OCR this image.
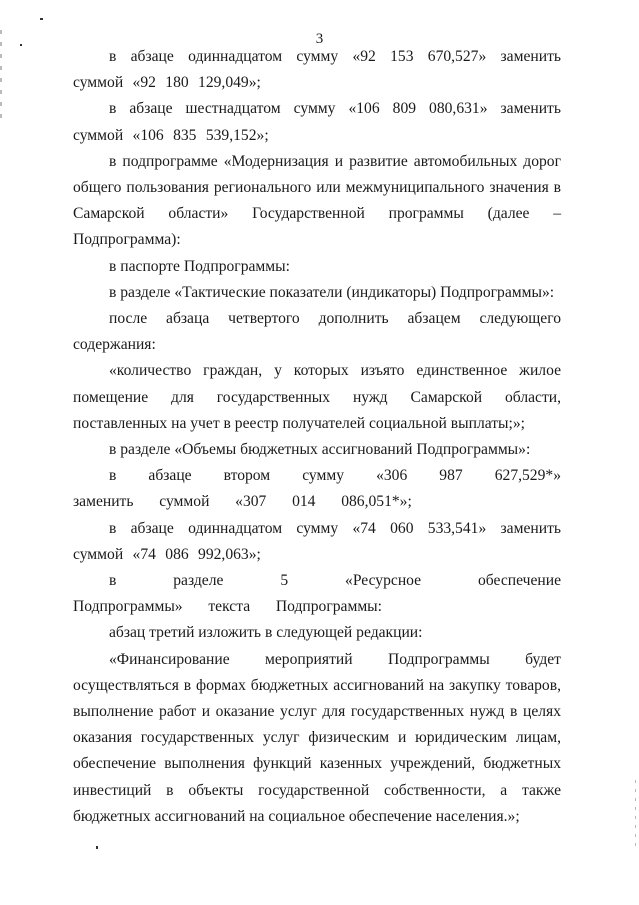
3

в абзаце одиннадцатом сумму «92 153 670,527» заменить суммой «92 180 129,049»;

в абзаце шестнадцатом сумму «106 809 080,631» заменить суммой «106 835 539,152»;

в подпрограмме «Модернизация и развитие автомобильных дорог общего пользования регионального или межмуниципального значения в Самарской области» Государственной программы (далее – Подпрограмма):

в паспорте Подпрограммы:

в разделе «Тактические показатели (индикаторы) Подпрограммы»:

после абзаца четвертого дополнить абзацем следующего содержания:

«количество граждан, у которых изъято единственное жилое помещение для государственных нужд Самарской области, поставленных на учет в реестр получателей социальной выплаты;»;

в разделе «Объемы бюджетных ассигнований Подпрограммы»:

в абзаце втором сумму «306 987 627,529*» заменить суммой «307 014 086,051*»;

в абзаце одиннадцатом сумму «74 060 533,541» заменить суммой «74 086 992,063»;

в разделе 5 «Ресурсное обеспечение Подпрограммы» текста Подпрограммы:

абзац третий изложить в следующей редакции:

«Финансирование мероприятий Подпрограммы будет осуществляться в формах бюджетных ассигнований на закупку товаров, выполнение работ и оказание услуг для государственных нужд в целях оказания государственных услуг физическим и юридическим лицам, обеспечение выполнения функций казенных учреждений, бюджетных инвестиций в объекты государственной собственности, а также бюджетных ассигнований на социальное обеспечение населения.»;
